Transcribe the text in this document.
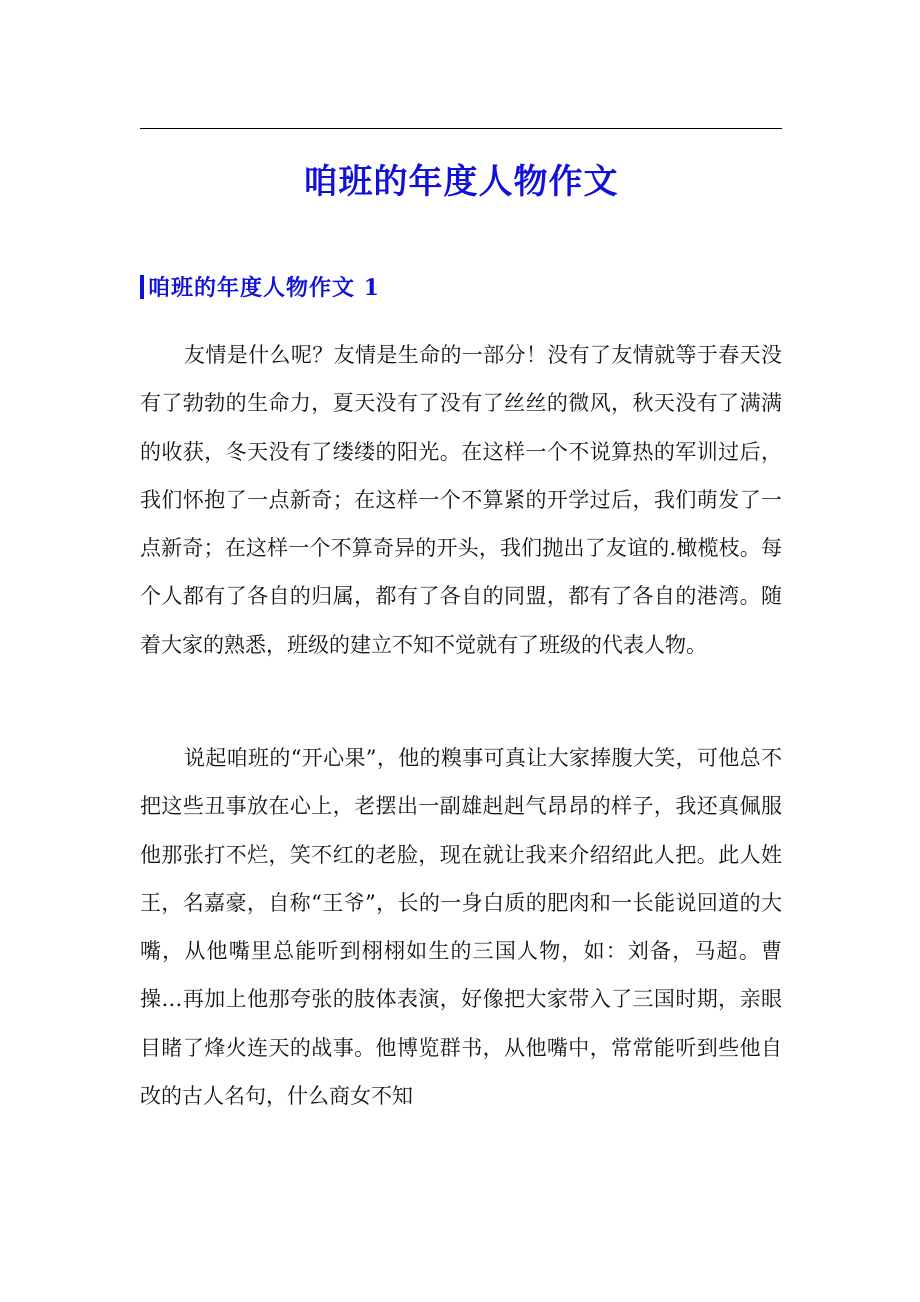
咱班的年度人物作文
咱班的年度人物作文 1

友情是什么呢？友情是生命的一部分！没有了友情就等于春天没有了勃勃的生命力，夏天没有了没有了丝丝的微风，秋天没有了满满的收获，冬天没有了缕缕的阳光。在这样一个不说算热的军训过后，我们怀抱了一点新奇；在这样一个不算紧的开学过后，我们萌发了一点新奇；在这样一个不算奇异的开头，我们抛出了友谊的.橄榄枝。每个人都有了各自的归属，都有了各自的同盟，都有了各自的港湾。随着大家的熟悉，班级的建立不知不觉就有了班级的代表人物。

说起咱班的“开心果”，他的糗事可真让大家捧腹大笑，可他总不把这些丑事放在心上，老摆出一副雄赳赳气昂昂的样子，我还真佩服他那张打不烂，笑不红的老脸，现在就让我来介绍绍此人把。此人姓王，名嘉豪，自称“王爷”，长的一身白质的肥肉和一长能说回道的大嘴，从他嘴里总能听到栩栩如生的三国人物，如：刘备，马超。曹操…再加上他那夸张的肢体表演，好像把大家带入了三国时期，亲眼目睹了烽火连天的战事。他博览群书，从他嘴中，常常能听到些他自改的古人名句，什么商女不知
